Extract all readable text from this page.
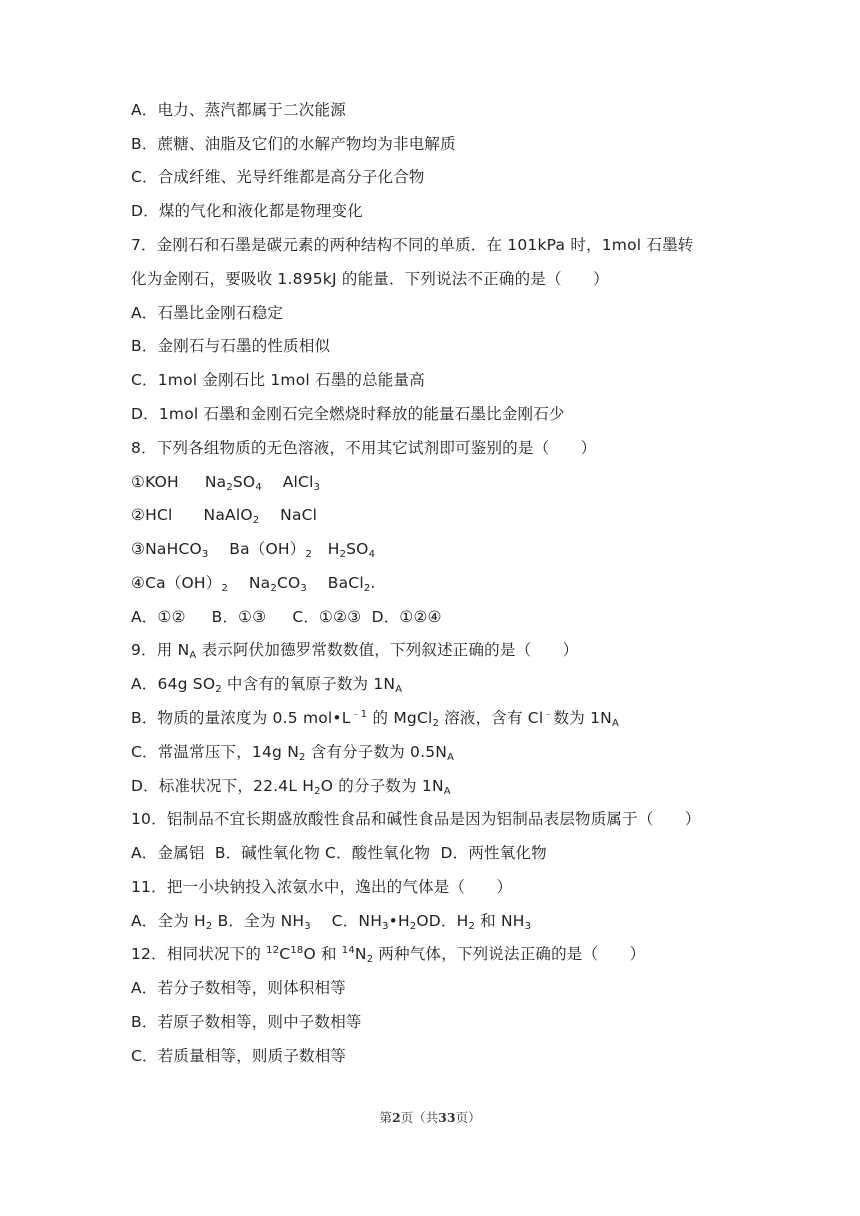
A．电力、蒸汽都属于二次能源
B．蔗糖、油脂及它们的水解产物均为非电解质
C．合成纤维、光导纤维都是高分子化合物
D．煤的气化和液化都是物理变化
7．金刚石和石墨是碳元素的两种结构不同的单质．在 101kPa 时，1mol 石墨转
化为金刚石，要吸收 1.895kJ 的能量．下列说法不正确的是（　　）
A．石墨比金刚石稳定
B．金刚石与石墨的性质相似
C．1mol 金刚石比 1mol 石墨的总能量高
D．1mol 石墨和金刚石完全燃烧时释放的能量石墨比金刚石少
8．下列各组物质的无色溶液，不用其它试剂即可鉴别的是（　　）
①KOH　  $Na_2SO_4$　 AlCl$_3$
②HCl　   NaAlO$_2$　 NaCl
③NaHCO$_3$　 $Ba(OH)_2$　$H_2SO_4$
$④Ca(OH)_2$　 $Na_2CO_3$　 BaCl$_2$.
A．①②　  B．①③　  C．①②③  D．①②④
9．用 $N_A$ 表示阿伏加德罗常数数值，下列叙述正确的是（　　）
A．64g $SO_2$ 中含有的氧原子数为 $1N_A$
B．物质的量浓度为 0.5 $mol•L^{﹣1}$ 的 MgCl$_2$ 溶液，含有 Cl﹣数为 $1N_A$
C．常温常压下，14g $N_2$ 含有分子数为 $0.5N_A$
D．标准状况下，22.4L $H_2O$ 的分子数为 $1N_A$
10．铝制品不宜长期盛放酸性食品和碱性食品是因为铝制品表层物质属于（　　）
A．金属铝  B．碱性氧化物 C．酸性氧化物  D．两性氧化物
11．把一小块钠投入浓氨水中，逸出的气体是（　　）
A．全为 $H_2$ B．全为 $NH_3$　 C．$NH_3•H_2OD$．$H_2$ 和 $NH_3$
12．相同状况下的 $^{12}C^{18}O$ 和 $^{14}N_2$ 两种气体，下列说法正确的是（　　）
A．若分子数相等，则体积相等
B．若原子数相等，则中子数相等
C．若质量相等，则质子数相等
第2页（共33页）
